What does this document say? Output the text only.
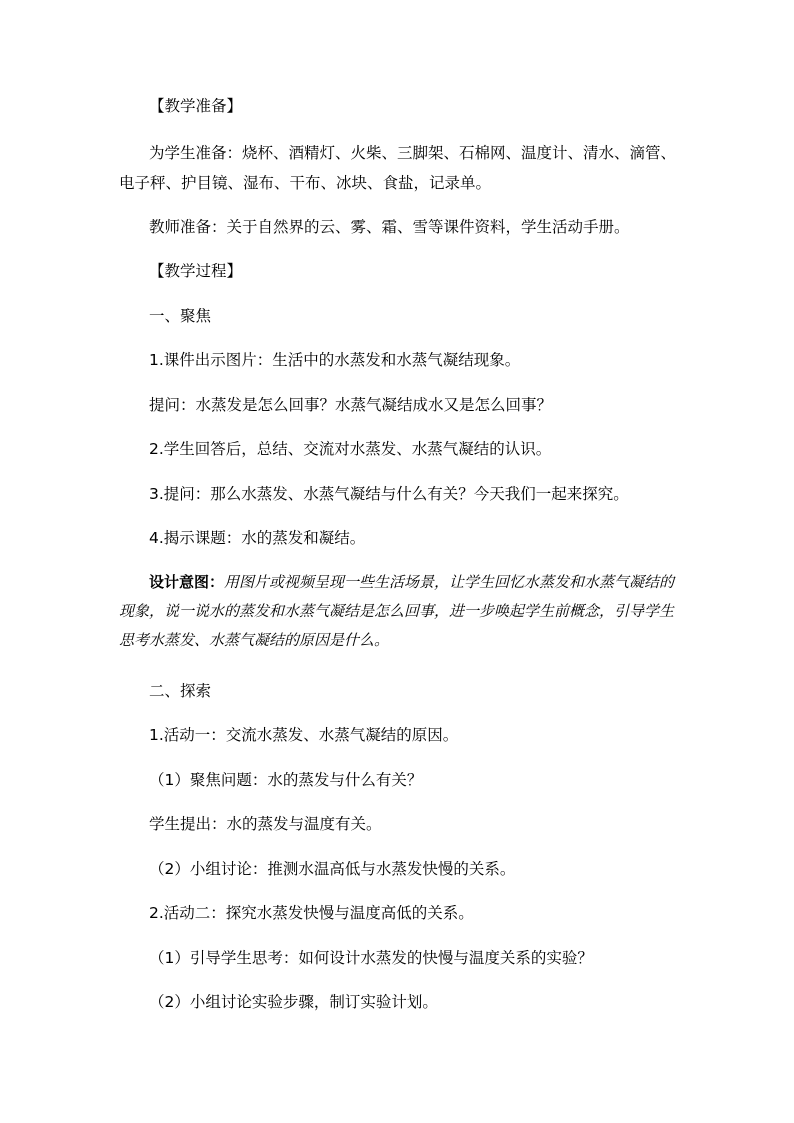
【教学准备】
为学生准备：烧杯、酒精灯、火柴、三脚架、石棉网、温度计、清水、滴管、
电子秤、护目镜、湿布、干布、冰块、食盐，记录单。
教师准备：关于自然界的云、雾、霜、雪等课件资料，学生活动手册。
【教学过程】
一、聚焦
1.课件出示图片：生活中的水蒸发和水蒸气凝结现象。
提问：水蒸发是怎么回事？水蒸气凝结成水又是怎么回事？
2.学生回答后，总结、交流对水蒸发、水蒸气凝结的认识。
3.提问：那么水蒸发、水蒸气凝结与什么有关？今天我们一起来探究。
4.揭示课题：水的蒸发和凝结。
设计意图：用图片或视频呈现一些生活场景，让学生回忆水蒸发和水蒸气凝结的现象，说一说水的蒸发和水蒸气凝结是怎么回事，进一步唤起学生前概念，引导学生思考水蒸发、水蒸气凝结的原因是什么。
二、探索
1.活动一：交流水蒸发、水蒸气凝结的原因。
（1）聚焦问题：水的蒸发与什么有关？
学生提出：水的蒸发与温度有关。
（2）小组讨论：推测水温高低与水蒸发快慢的关系。
2.活动二：探究水蒸发快慢与温度高低的关系。
（1）引导学生思考：如何设计水蒸发的快慢与温度关系的实验？
（2）小组讨论实验步骤，制订实验计划。
